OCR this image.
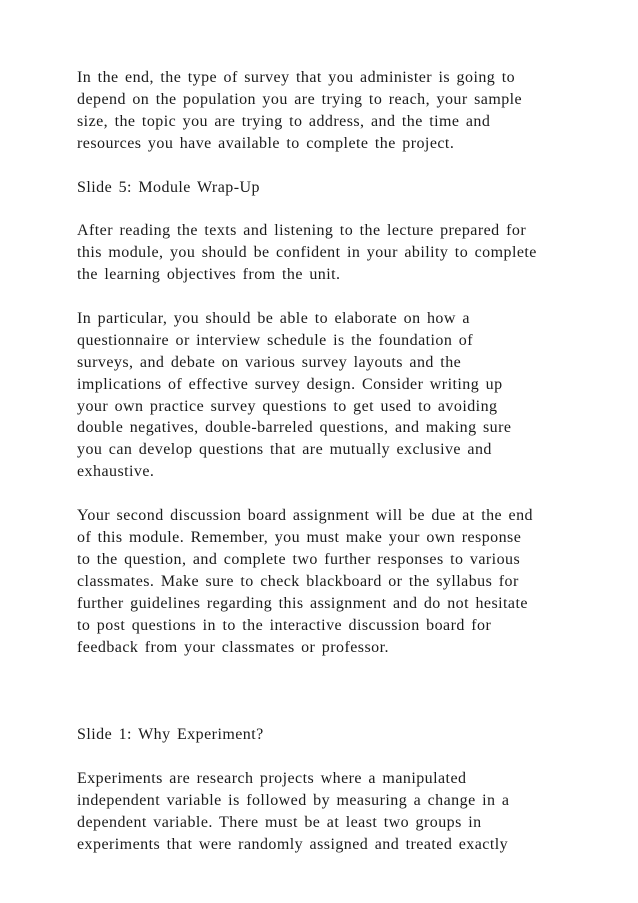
In the end, the type of survey that you administer is going to
depend on the population you are trying to reach, your sample
size, the topic you are trying to address, and the time and
resources you have available to complete the project.

Slide 5: Module Wrap-Up

After reading the texts and listening to the lecture prepared for
this module, you should be confident in your ability to complete
the learning objectives from the unit.

In particular, you should be able to elaborate on how a
questionnaire or interview schedule is the foundation of
surveys, and debate on various survey layouts and the
implications of effective survey design. Consider writing up
your own practice survey questions to get used to avoiding
double negatives, double-barreled questions, and making sure
you can develop questions that are mutually exclusive and
exhaustive.

Your second discussion board assignment will be due at the end
of this module. Remember, you must make your own response
to the question, and complete two further responses to various
classmates. Make sure to check blackboard or the syllabus for
further guidelines regarding this assignment and do not hesitate
to post questions in to the interactive discussion board for
feedback from your classmates or professor.

Slide 1: Why Experiment?

Experiments are research projects where a manipulated
independent variable is followed by measuring a change in a
dependent variable. There must be at least two groups in
experiments that were randomly assigned and treated exactly
